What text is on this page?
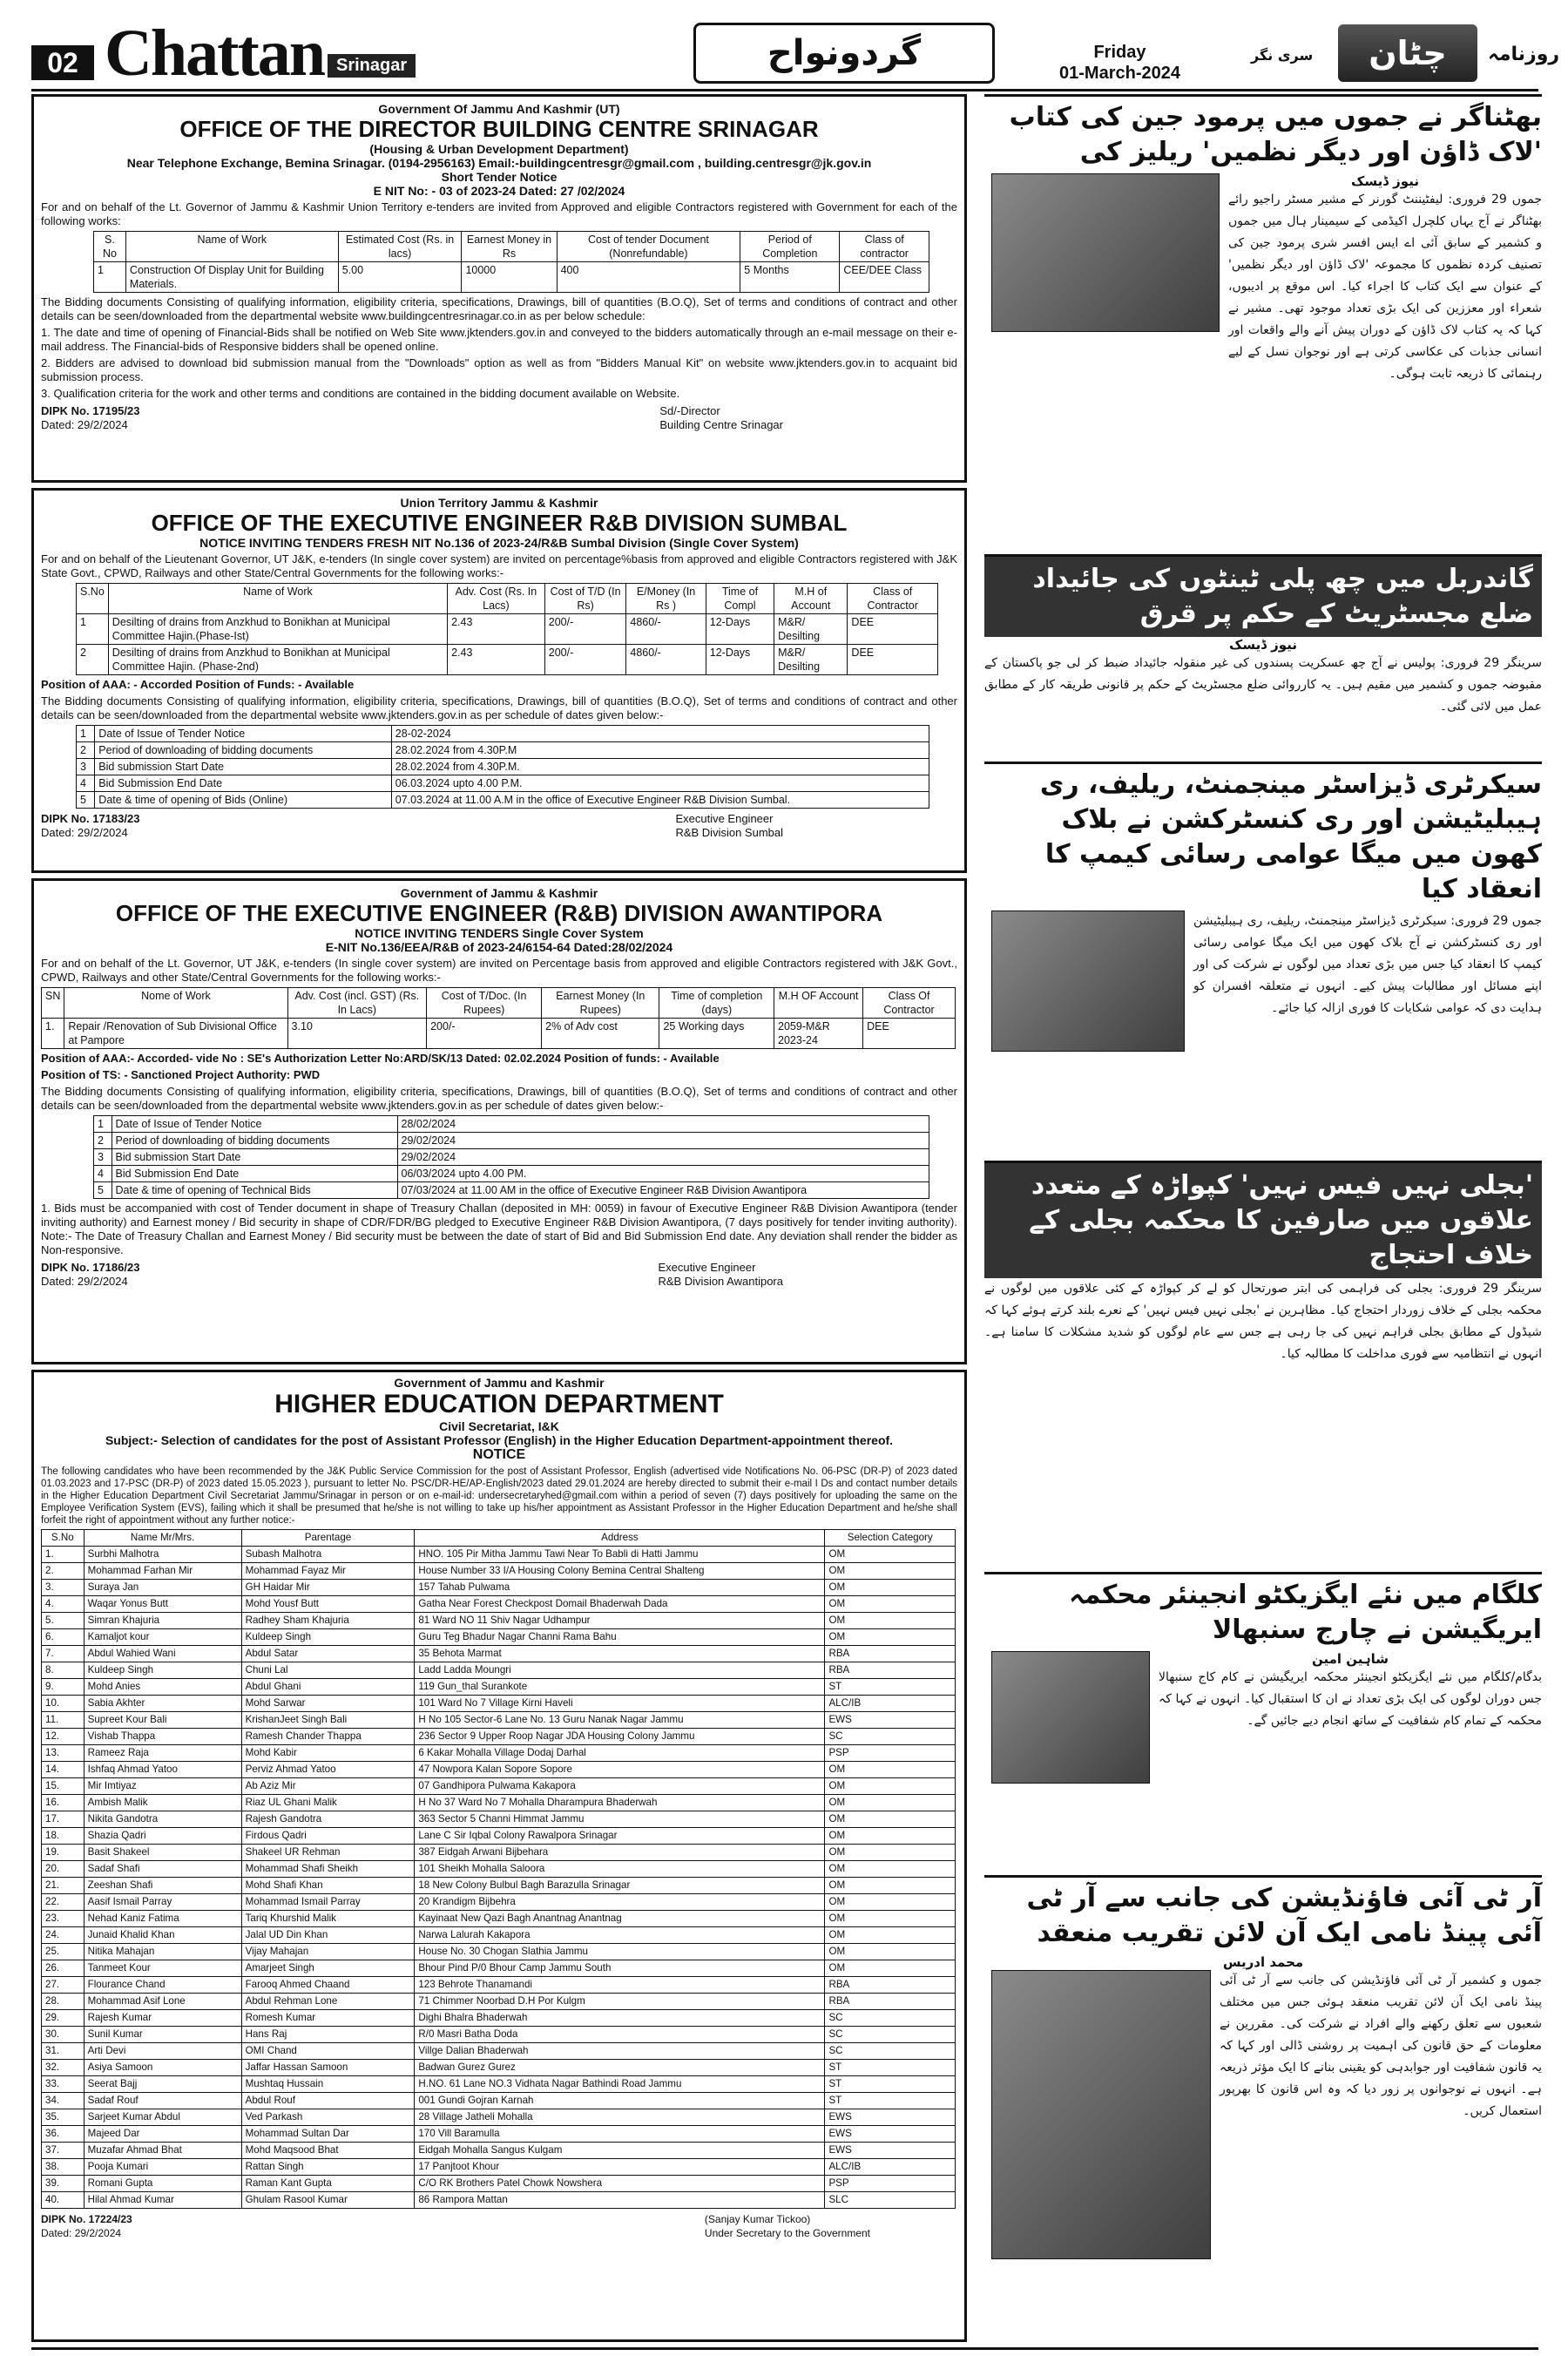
02 Chattan Srinagar	گردونواح	Friday
01-March-2024
سری نگر	چٹان	روزنامہ
Government Of Jammu And Kashmir (UT)
OFFICE OF THE DIRECTOR BUILDING CENTRE SRINAGAR
(Housing & Urban Development Department)
Near Telephone Exchange, Bemina Srinagar. (0194-2956163) Email:-buildingcentresgr@gmail.com , building.centresgr@jk.gov.in
Short Tender Notice
E NIT No: - 03 of 2023-24 Dated: 27 /02/2024

For and on behalf of the Lt. Governor of Jammu & Kashmir Union Territory e-tenders are invited from Approved and eligible Contractors registered with Government for each of the following works:

S. No	Name of Work	Estimated Cost (Rs. in lacs)	Earnest Money in Rs	Cost of tender Document (Nonrefundable)	Period of Completion	Class of contractor
1	Construction Of Display Unit for Building Materials.	5.00	10000	400	5 Months	CEE/DEE Class

The Bidding documents Consisting of qualifying information, eligibility criteria, specifications, Drawings, bill of quantities (B.O.Q), Set of terms and conditions of contract and other details can be seen/downloaded from the departmental website www.buildingcentresrinagar.co.in as per below schedule:

1. The date and time of opening of Financial-Bids shall be notified on Web Site www.jktenders.gov.in and conveyed to the bidders automatically through an e-mail message on their e-mail address. The Financial-bids of Responsive bidders shall be opened online.

2. Bidders are advised to download bid submission manual from the "Downloads" option as well as from "Bidders Manual Kit" on website www.jktenders.gov.in to acquaint bid submission process.

3. Qualification criteria for the work and other terms and conditions are contained in the bidding document available on Website.

DIPK No. 17195/23
Dated: 29/2/2024
Sd/-Director
Building Centre Srinagar
Union Territory Jammu & Kashmir
OFFICE OF THE EXECUTIVE ENGINEER R&B DIVISION SUMBAL
NOTICE INVITING TENDERS FRESH NIT No.136 of 2023-24/R&B Sumbal Division (Single Cover System)

For and on behalf of the Lieutenant Governor, UT J&K, e-tenders (In single cover system) are invited on percentage%basis from approved and eligible Contractors registered with J&K State Govt., CPWD, Railways and other State/Central Governments for the following works:-

S.No	Name of Work	Adv. Cost (Rs. In Lacs)	Cost of T/D (In Rs)	E/Money (In Rs )	Time of Compl	M.H of Account	Class of Contractor
1	Desilting of drains from Anzkhud to Bonikhan at Municipal Committee Hajin.(Phase-Ist)	2.43	200/-	4860/-	12-Days	M&R/ Desilting	DEE
2	Desilting of drains from Anzkhud to Bonikhan at Municipal Committee Hajin. (Phase-2nd)	2.43	200/-	4860/-	12-Days	M&R/ Desilting	DEE

Position of AAA: - Accorded Position of Funds: - Available

The Bidding documents Consisting of qualifying information, eligibility criteria, specifications, Drawings, bill of quantities (B.O.Q), Set of terms and conditions of contract and other details can be seen/downloaded from the departmental website www.jktenders.gov.in as per schedule of dates given below:-

1	Date of Issue of Tender Notice	28-02-2024
2	Period of downloading of bidding documents	28.02.2024 from 4.30P.M
3	Bid submission Start Date	28.02.2024 from 4.30P.M.
4	Bid Submission End Date	06.03.2024 upto 4.00 P.M.
5	Date & time of opening of Bids (Online)	07.03.2024 at 11.00 A.M in the office of Executive Engineer R&B Division Sumbal.
DIPK No. 17183/23
Dated: 29/2/2024
Executive Engineer
R&B Division Sumbal
Government of Jammu & Kashmir
OFFICE OF THE EXECUTIVE ENGINEER (R&B) DIVISION AWANTIPORA
NOTICE INVITING TENDERS Single Cover System
E-NIT No.136/EEA/R&B of 2023-24/6154-64 Dated:28/02/2024

For and on behalf of the Lt. Governor, UT J&K, e-tenders (In single cover system) are invited on Percentage basis from approved and eligible Contractors registered with J&K Govt., CPWD, Railways and other State/Central Governments for the following works:-

SN	Nome of Work	Adv. Cost (incl. GST) (Rs. In Lacs)	Cost of T/Doc. (In Rupees)	Earnest Money (In Rupees)	Time of completion (days)	M.H OF Account	Class Of Contractor
1.	Repair /Renovation of Sub Divisional Office at Pampore	3.10	200/-	2% of Adv cost	25 Working days	2059-M&R 2023-24	DEE

Position of AAA:- Accorded- vide No : SE's Authorization Letter No:ARD/SK/13 Dated: 02.02.2024 Position of funds: - Available

Position of TS: - Sanctioned Project Authority: PWD

The Bidding documents Consisting of qualifying information, eligibility criteria, specifications, Drawings, bill of quantities (B.O.Q), Set of terms and conditions of contract and other details can be seen/downloaded from the departmental website www.jktenders.gov.in as per schedule of dates given below:-

1	Date of Issue of Tender Notice	28/02/2024
2	Period of downloading of bidding documents	29/02/2024
3	Bid submission Start Date	29/02/2024
4	Bid Submission End Date	06/03/2024 upto 4.00 PM.
5	Date & time of opening of Technical Bids	07/03/2024 at 11.00 AM in the office of Executive Engineer R&B Division Awantipora

1. Bids must be accompanied with cost of Tender document in shape of Treasury Challan (deposited in MH: 0059) in favour of Executive Engineer R&B Division Awantipora (tender inviting authority) and Earnest money / Bid security in shape of CDR/FDR/BG pledged to Executive Engineer R&B Division Awantipora, (7 days positively for tender inviting authority). Note:- The Date of Treasury Challan and Earnest Money / Bid security must be between the date of start of Bid and Bid Submission End date. Any deviation shall render the bidder as Non-responsive.

DIPK No. 17186/23
Dated: 29/2/2024
Executive Engineer
R&B Division Awantipora
Government of Jammu and Kashmir
HIGHER EDUCATION DEPARTMENT
Civil Secretariat, I&K
Subject:- Selection of candidates for the post of Assistant Professor (English) in the Higher Education Department-appointment thereof.
NOTICE

The following candidates who have been recommended by the J&K Public Service Commission for the post of Assistant Professor, English (advertised vide Notifications No. 06-PSC (DR-P) of 2023 dated 01.03.2023 and 17-PSC (DR-P) of 2023 dated 15.05.2023 ), pursuant to letter No. PSC/DR-HE/AP-English/2023 dated 29.01.2024 are hereby directed to submit their e-mail I Ds and contact number details in the Higher Education Department Civil Secretariat Jammu/Srinagar in person or on e-mail-id: undersecretaryhed@gmail.com within a period of seven (7) days positively for uploading the same on the Employee Verification System (EVS), failing which it shall be presumed that he/she is not willing to take up his/her appointment as Assistant Professor in the Higher Education Department and he/she shall forfeit the right of appointment without any further notice:-

S.No	Name Mr/Mrs.	Parentage	Address	Selection Category
1.	Surbhi Malhotra	Subash Malhotra	HNO. 105 Pir Mitha Jammu Tawi Near To Babli di Hatti Jammu	OM
2.	Mohammad Farhan Mir	Mohammad Fayaz Mir	House Number 33 I/A Housing Colony Bemina Central Shalteng	OM
3.	Suraya Jan	GH Haidar Mir	157 Tahab Pulwama	OM
4.	Waqar Yonus Butt	Mohd Yousf Butt	Gatha Near Forest Checkpost Domail Bhaderwah Dada	OM
5.	Simran Khajuria	Radhey Sham Khajuria	81 Ward NO 11 Shiv Nagar Udhampur	OM
6.	Kamaljot kour	Kuldeep Singh	Guru Teg Bhadur Nagar Channi Rama Bahu	OM
7.	Abdul Wahied Wani	Abdul Satar	35 Behota Marmat	RBA
8.	Kuldeep Singh	Chuni Lal	Ladd Ladda Moungri	RBA
9.	Mohd Anies	Abdul Ghani	119 Gun_thal Surankote	ST
10.	Sabia Akhter	Mohd Sarwar	101 Ward No 7 Village Kirni Haveli	ALC/IB
11.	Supreet Kour Bali	KrishanJeet Singh Bali	H No 105 Sector-6 Lane No. 13 Guru Nanak Nagar Jammu	EWS
12.	Vishab Thappa	Ramesh Chander Thappa	236 Sector 9 Upper Roop Nagar JDA Housing Colony Jammu	SC
13.	Rameez Raja	Mohd Kabir	6 Kakar Mohalla Village Dodaj Darhal	PSP
14.	Ishfaq Ahmad Yatoo	Perviz Ahmad Yatoo	47 Nowpora Kalan Sopore Sopore	OM
15.	Mir Imtiyaz	Ab Aziz Mir	07 Gandhipora Pulwama Kakapora	OM
16.	Ambish Malik	Riaz UL Ghani Malik	H No 37 Ward No 7 Mohalla Dharampura Bhaderwah	OM
17.	Nikita Gandotra	Rajesh Gandotra	363 Sector 5 Channi Himmat Jammu	OM
18.	Shazia Qadri	Firdous Qadri	Lane C Sir Iqbal Colony Rawalpora Srinagar	OM
19.	Basit Shakeel	Shakeel UR Rehman	387 Eidgah Arwani Bijbehara	OM
20.	Sadaf Shafi	Mohammad Shafi Sheikh	101 Sheikh Mohalla Saloora	OM
21.	Zeeshan Shafi	Mohd Shafi Khan	18 New Colony Bulbul Bagh Barazulla Srinagar	OM
22.	Aasif Ismail Parray	Mohammad Ismail Parray	20 Krandigm Bijbehra	OM
23.	Nehad Kaniz Fatima	Tariq Khurshid Malik	Kayinaat New Qazi Bagh Anantnag Anantnag	OM
24.	Junaid Khalid Khan	Jalal UD Din Khan	Narwa Lalurah Kakapora	OM
25.	Nitika Mahajan	Vijay Mahajan	House No. 30 Chogan Slathia Jammu	OM
26.	Tanmeet Kour	Amarjeet Singh	Bhour Pind P/0 Bhour Camp Jammu South	OM
27.	Flourance Chand	Farooq Ahmed Chaand	123 Behrote Thanamandi	RBA
28.	Mohammad Asif Lone	Abdul Rehman Lone	71 Chimmer Noorbad D.H Por Kulgm	RBA
29.	Rajesh Kumar	Romesh Kumar	Dighi Bhalra Bhaderwah	SC
30.	Sunil Kumar	Hans Raj	R/0 Masri Batha Doda	SC
31.	Arti Devi	OMI Chand	Villge Dalian Bhaderwah	SC
32.	Asiya Samoon	Jaffar Hassan Samoon	Badwan Gurez Gurez	ST
33.	Seerat Bajj	Mushtaq Hussain	H.NO. 61 Lane NO.3 Vidhata Nagar Bathindi Road Jammu	ST
34.	Sadaf Rouf	Abdul Rouf	001 Gundi Gojran Karnah	ST
35.	Sarjeet Kumar Abdul	Ved Parkash	28 Village Jatheli Mohalla	EWS
36.	Majeed Dar	Mohammad Sultan Dar	170 Vill Baramulla	EWS
37.	Muzafar Ahmad Bhat	Mohd Maqsood Bhat	Eidgah Mohalla Sangus Kulgam	EWS
38.	Pooja Kumari	Rattan Singh	17 Panjtoot Khour	ALC/IB
39.	Romani Gupta	Raman Kant Gupta	C/O RK Brothers Patel Chowk Nowshera	PSP
40.	Hilal Ahmad Kumar	Ghulam Rasool Kumar	86 Rampora Mattan	SLC
DIPK No. 17224/23
Dated: 29/2/2024
(Sanjay Kumar Tickoo)
Under Secretary to the Government
بھٹناگر نے جموں میں پرمود جین کی کتاب 'لاک ڈاؤن اور دیگر نظمیں' ریلیز کی
نیوز ڈیسک
جموں 29 فروری: لیفٹیننٹ گورنر کے مشیر مسٹر راجیو رائے بھٹناگر نے آج یہاں کلچرل اکیڈمی کے سیمینار ہال میں جموں و کشمیر کے سابق آئی اے ایس افسر شری پرمود جین کی تصنیف کردہ نظموں کا مجموعہ 'لاک ڈاؤن اور دیگر نظمیں' کے عنوان سے ایک کتاب کا اجراء کیا۔ اس موقع پر ادیبوں، شعراء اور معززین کی ایک بڑی تعداد موجود تھی۔ مشیر نے کہا کہ یہ کتاب لاک ڈاؤن کے دوران پیش آنے والے واقعات اور انسانی جذبات کی عکاسی کرتی ہے اور نوجوان نسل کے لیے رہنمائی کا ذریعہ ثابت ہوگی۔
گاندربل میں چھ پلی ٹینٹوں کی جائیداد ضلع مجسٹریٹ کے حکم پر قرق
نیوز ڈیسک
سرینگر 29 فروری: پولیس نے آج چھ عسکریت پسندوں کی غیر منقولہ جائیداد ضبط کر لی جو پاکستان کے مقبوضہ جموں و کشمیر میں مقیم ہیں۔ یہ کارروائی ضلع مجسٹریٹ کے حکم پر قانونی طریقہ کار کے مطابق عمل میں لائی گئی۔
سیکرٹری ڈیزاسٹر مینجمنٹ، ریلیف، ری ہیبلیٹیشن اور ری کنسٹرکشن نے بلاک کھون میں میگا عوامی رسائی کیمپ کا انعقاد کیا
جموں 29 فروری: سیکرٹری ڈیزاسٹر مینجمنٹ، ریلیف، ری ہیبلیٹیشن اور ری کنسٹرکشن نے آج بلاک کھون میں ایک میگا عوامی رسائی کیمپ کا انعقاد کیا جس میں بڑی تعداد میں لوگوں نے شرکت کی اور اپنے مسائل اور مطالبات پیش کیے۔ انہوں نے متعلقہ افسران کو ہدایت دی کہ عوامی شکایات کا فوری ازالہ کیا جائے۔
'بجلی نہیں فیس نہیں' کپواڑہ کے متعدد علاقوں میں صارفین کا محکمہ بجلی کے خلاف احتجاج
سرینگر 29 فروری: بجلی کی فراہمی کی ابتر صورتحال کو لے کر کپواڑہ کے کئی علاقوں میں لوگوں نے محکمہ بجلی کے خلاف زوردار احتجاج کیا۔ مظاہرین نے 'بجلی نہیں فیس نہیں' کے نعرے بلند کرتے ہوئے کہا کہ شیڈول کے مطابق بجلی فراہم نہیں کی جا رہی ہے جس سے عام لوگوں کو شدید مشکلات کا سامنا ہے۔ انہوں نے انتظامیہ سے فوری مداخلت کا مطالبہ کیا۔
کلگام میں نئے ایگزیکٹو انجینئر محکمہ ایریگیشن نے چارج سنبھالا
شاہین امین
بدگام/کلگام میں نئے ایگزیکٹو انجینئر محکمہ ایریگیشن نے کام کاج سنبھالا جس دوران لوگوں کی ایک بڑی تعداد نے ان کا استقبال کیا۔ انہوں نے کہا کہ محکمہ کے تمام کام شفافیت کے ساتھ انجام دیے جائیں گے۔
آر ٹی آئی فاؤنڈیشن کی جانب سے آر ٹی آئی پینڈ نامی ایک آن لائن تقریب منعقد
محمد ادریس
جموں و کشمیر آر ٹی آئی فاؤنڈیشن کی جانب سے آر ٹی آئی پینڈ نامی ایک آن لائن تقریب منعقد ہوئی جس میں مختلف شعبوں سے تعلق رکھنے والے افراد نے شرکت کی۔ مقررین نے معلومات کے حق قانون کی اہمیت پر روشنی ڈالی اور کہا کہ یہ قانون شفافیت اور جوابدہی کو یقینی بنانے کا ایک مؤثر ذریعہ ہے۔ انہوں نے نوجوانوں پر زور دیا کہ وہ اس قانون کا بھرپور استعمال کریں۔
